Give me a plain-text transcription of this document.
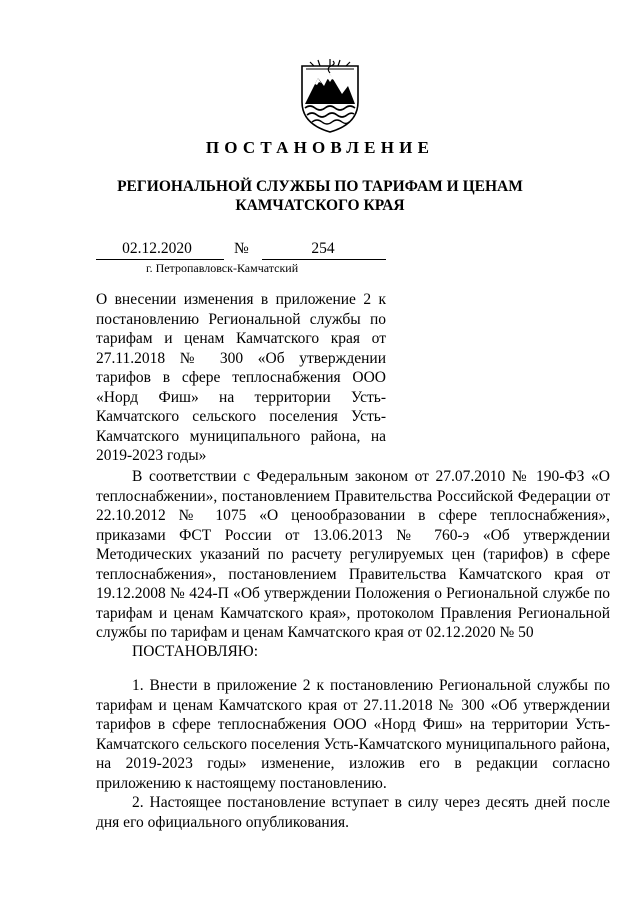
ПОСТАНОВЛЕНИЕ
РЕГИОНАЛЬНОЙ СЛУЖБЫ ПО ТАРИФАМ И ЦЕНАМ
КАМЧАТСКОГО КРАЯ
02.12.2020	№	254
г. Петропавловск-Камчатский
О внесении изменения в приложение 2 к постановлению Региональной службы по тарифам и ценам Камчатского края от 27.11.2018 № 300 «Об утверждении тарифов в сфере теплоснабжения ООО «Норд Фиш» на территории Усть-Камчатского сельского поселения Усть-Камчатского муниципального района, на 2019-2023 годы»

В соответствии с Федеральным законом от 27.07.2010 № 190-ФЗ «О теплоснабжении», постановлением Правительства Российской Федерации от 22.10.2012 № 1075 «О ценообразовании в сфере теплоснабжения», приказами ФСТ России от 13.06.2013 № 760-э «Об утверждении Методических указаний по расчету регулируемых цен (тарифов) в сфере теплоснабжения», постановлением Правительства Камчатского края от 19.12.2008 № 424-П «Об утверждении Положения о Региональной службе по тарифам и ценам Камчатского края», протоколом Правления Региональной службы по тарифам и ценам Камчатского края от 02.12.2020 № 50

ПОСТАНОВЛЯЮ:

1. Внести в приложение 2 к постановлению Региональной службы по тарифам и ценам Камчатского края от 27.11.2018 № 300 «Об утверждении тарифов в сфере теплоснабжения ООО «Норд Фиш» на территории Усть-Камчатского сельского поселения Усть-Камчатского муниципального района, на 2019-2023 годы» изменение, изложив его в редакции согласно приложению к настоящему постановлению.

2. Настоящее постановление вступает в силу через десять дней после дня его официального опубликования.
